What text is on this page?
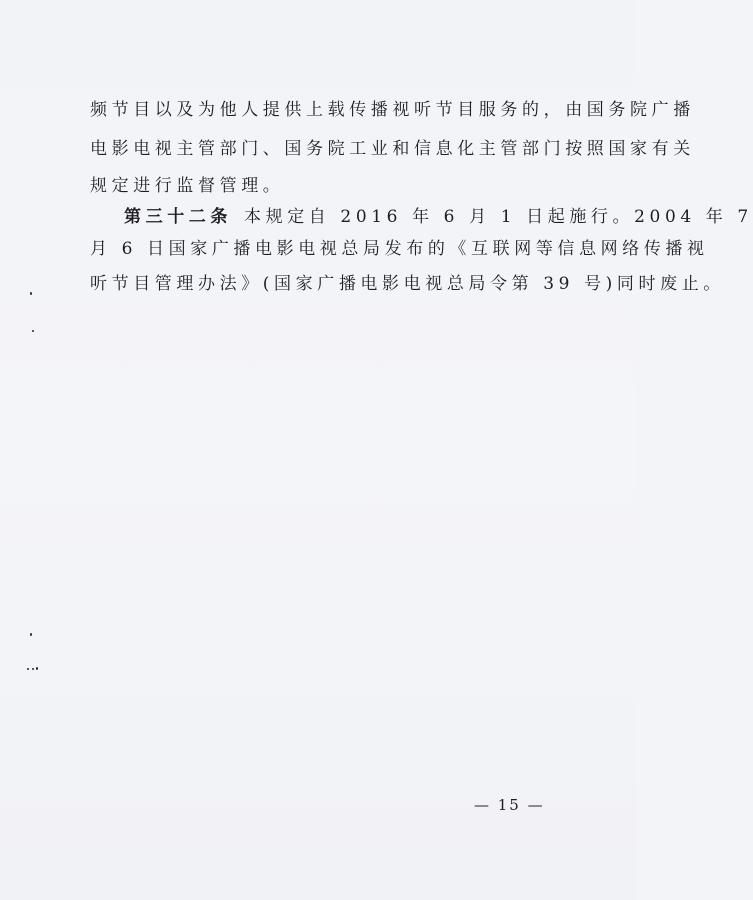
频节目以及为他人提供上载传播视听节目服务的，由国务院广播
电影电视主管部门、国务院工业和信息化主管部门按照国家有关
规定进行监督管理。
第三十二条 本规定自 2016 年 6 月 1 日起施行。2004 年 7
月 6 日国家广播电影电视总局发布的《互联网等信息网络传播视
听节目管理办法》(国家广播电影电视总局令第 39 号)同时废止。
— 15 —
